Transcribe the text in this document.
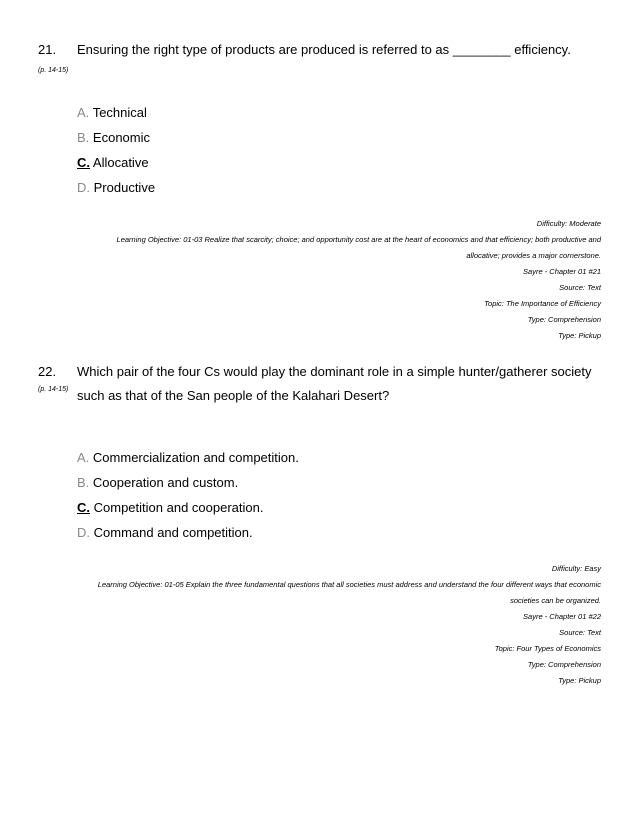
21. Ensuring the right type of products are produced is referred to as ________ efficiency.
(p. 14-15)
A. Technical
B. Economic
C. Allocative
D. Productive
Difficulty: Moderate
Learning Objective: 01-03 Realize that scarcity; choice; and opportunity cost are at the heart of economics and that efficiency; both productive and
allocative; provides a major cornerstone.
Sayre - Chapter 01 #21
Source: Text
Topic: The Importance of Efficiency
Type: Comprehension
Type: Pickup
22. Which pair of the four Cs would play the dominant role in a simple hunter/gatherer society
such as that of the San people of the Kalahari Desert?
(p. 14-15)
A. Commercialization and competition.
B. Cooperation and custom.
C. Competition and cooperation.
D. Command and competition.
Difficulty: Easy
Learning Objective: 01-05 Explain the three fundamental questions that all societies must address and understand the four different ways that economic
societies can be organized.
Sayre - Chapter 01 #22
Source: Text
Topic: Four Types of Economics
Type: Comprehension
Type: Pickup
